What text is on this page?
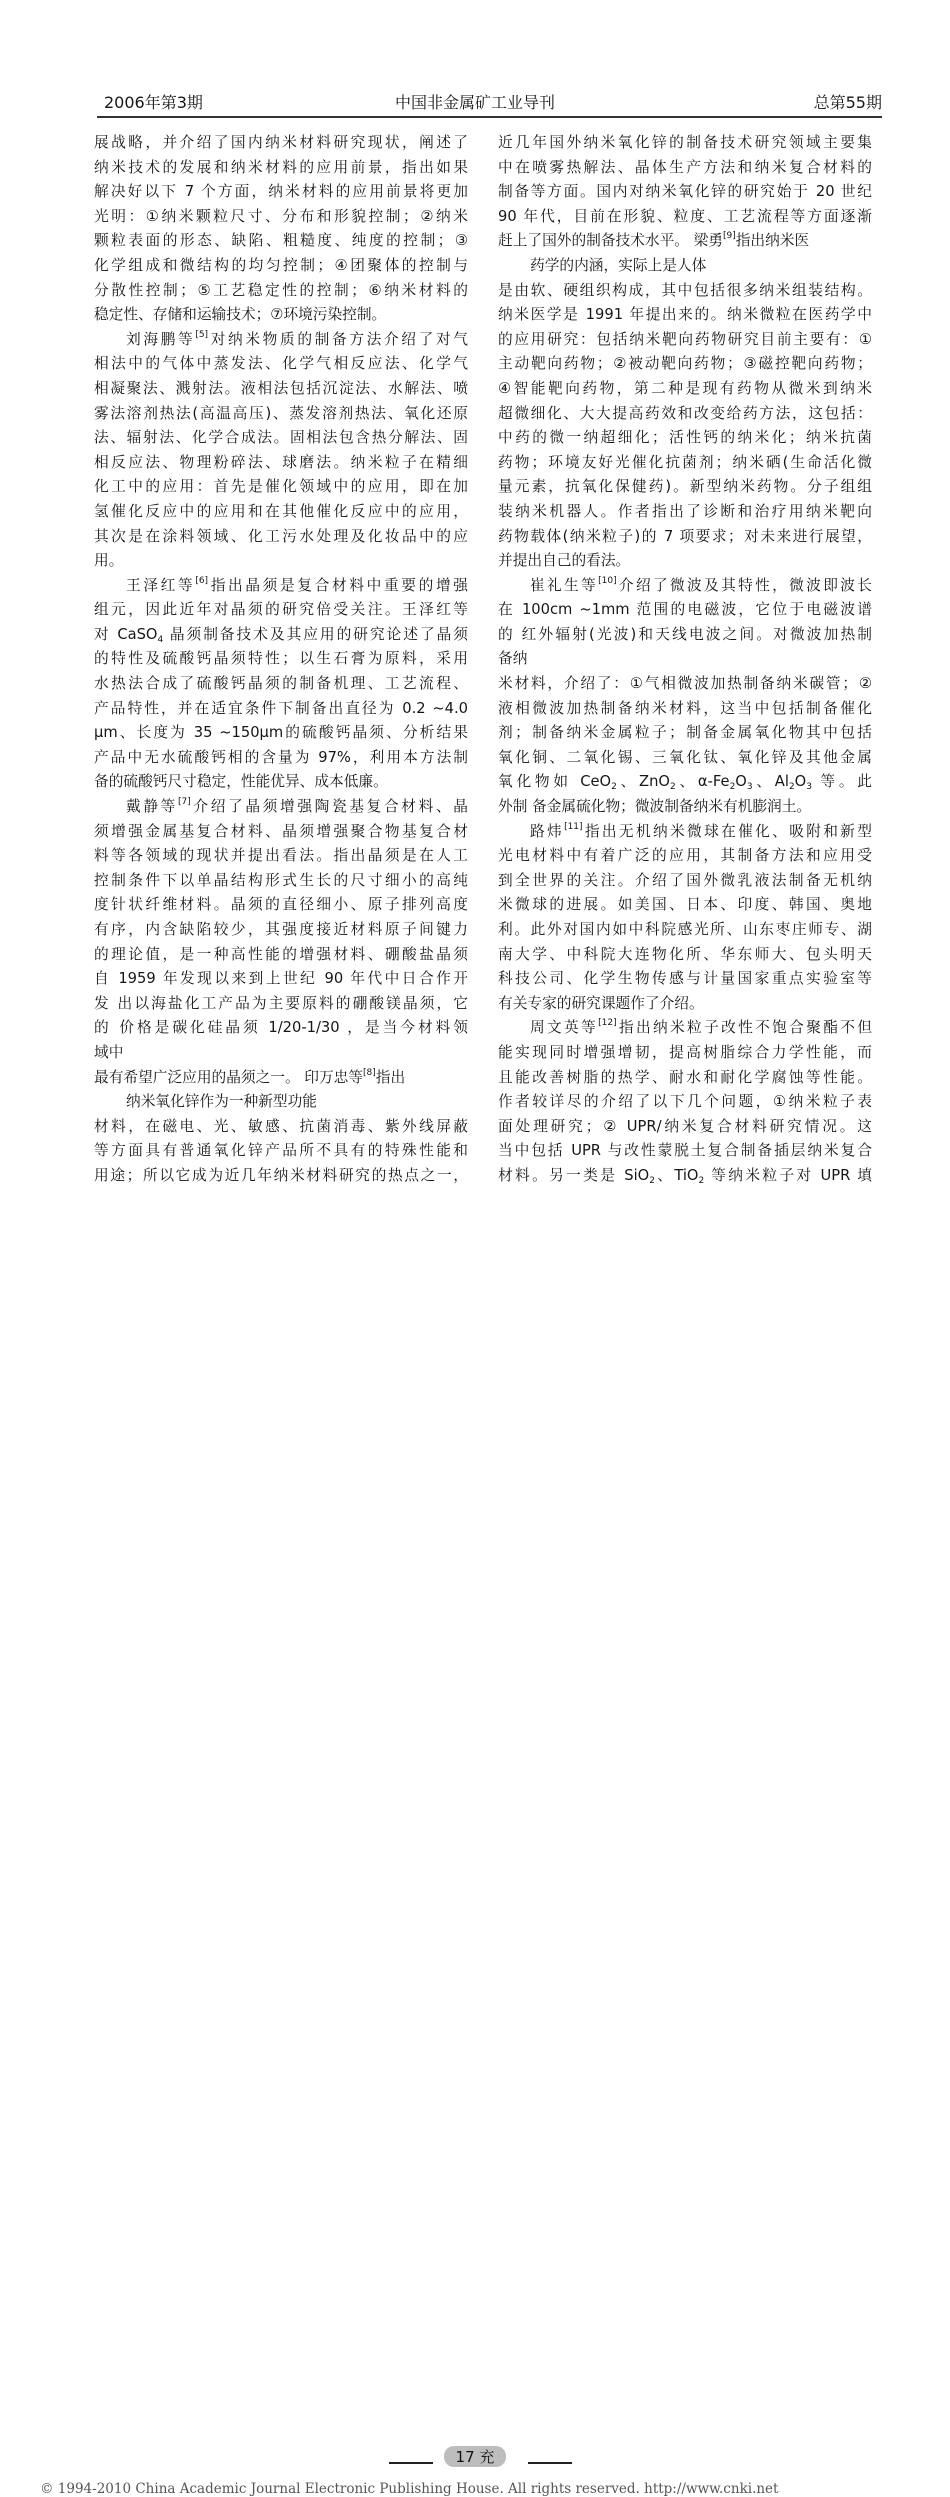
2006年第3期	中国非金属矿工业导刊	总第55期
展战略，并介绍了国内纳米材料研究现状，阐述了
纳米技术的发展和纳米材料的应用前景，指出如果
解决好以下 7 个方面，纳米材料的应用前景将更加
光明：①纳米颗粒尺寸、分布和形貌控制；②纳米
颗粒表面的形态、缺陷、粗糙度、纯度的控制；③
化学组成和微结构的均匀控制；④团聚体的控制与
分散性控制；⑤工艺稳定性的控制；⑥纳米材料的
稳定性、存储和运输技术；⑦环境污染控制。
刘海鹏等[5]对纳米物质的制备方法介绍了对气
相法中的气体中蒸发法、化学气相反应法、化学气
相凝聚法、溅射法。液相法包括沉淀法、水解法、喷
雾法溶剂热法(高温高压)、蒸发溶剂热法、氧化还原
法、辐射法、化学合成法。固相法包含热分解法、固
相反应法、物理粉碎法、球磨法。纳米粒子在精细
化工中的应用：首先是催化领域中的应用，即在加
氢催化反应中的应用和在其他催化反应中的应用，
其次是在涂料领域、化工污水处理及化妆品中的应
用。
王泽红等[6]指出晶须是复合材料中重要的增强
组元，因此近年对晶须的研究倍受关注。王泽红等
对 CaSO$_4$ 晶须制备技术及其应用的研究论述了晶须
的特性及硫酸钙晶须特性；以生石膏为原料，采用
水热法合成了硫酸钙晶须的制备机理、工艺流程、
产品特性，并在适宜条件下制备出直径为 0.2 ~4.0
μm、长度为 35 ~150μm的硫酸钙晶须、分析结果
产品中无水硫酸钙相的含量为 97%，利用本方法制
备的硫酸钙尺寸稳定，性能优异、成本低廉。
戴静等[7]介绍了晶须增强陶瓷基复合材料、晶
须增强金属基复合材料、晶须增强聚合物基复合材
料等各领域的现状并提出看法。指出晶须是在人工
控制条件下以单晶结构形式生长的尺寸细小的高纯
度针状纤维材料。晶须的直径细小、原子排列高度
有序，内含缺陷较少，其强度接近材料原子间键力
的理论值，是一种高性能的增强材料、硼酸盐晶须
自 1959 年发现以来到上世纪 90 年代中日合作开
发 出以海盐化工产品为主要原料的硼酸镁晶须，它
的 价格是碳化硅晶须 1/20-1/30 ，是当今材料领
域中
最有希望广泛应用的晶须之一。 印万忠等[8]指出
纳米氧化锌作为一种新型功能
材料，在磁电、光、敏感、抗菌消毒、紫外线屏蔽
等方面具有普通氧化锌产品所不具有的特殊性能和
用途；所以它成为近几年纳米材料研究的热点之一，
近几年国外纳米氧化锌的制备技术研究领域主要集
中在喷雾热解法、晶体生产方法和纳米复合材料的
制备等方面。国内对纳米氧化锌的研究始于 20 世纪
90 年代，目前在形貌、粒度、工艺流程等方面逐渐
赶上了国外的制备技术水平。 梁勇[9]指出纳米医
药学的内涵，实际上是人体
是由软、硬组织构成，其中包括很多纳米组装结构。
纳米医学是 1991 年提出来的。纳米微粒在医药学中
的应用研究：包括纳米靶向药物研究目前主要有：①
主动靶向药物；②被动靶向药物；③磁控靶向药物；
④智能靶向药物，第二种是现有药物从微米到纳米
超微细化、大大提高药效和改变给药方法，这包括：
中药的微一纳超细化；活性钙的纳米化；纳米抗菌
药物；环境友好光催化抗菌剂；纳米硒(生命活化微
量元素，抗氧化保健药)。新型纳米药物。分子组组
装纳米机器人。作者指出了诊断和治疗用纳米靶向
药物载体(纳米粒子)的 7 项要求；对未来进行展望，
并提出自己的看法。
崔礼生等[10]介绍了微波及其特性，微波即波长
在 100cm ~1mm 范围的电磁波，它位于电磁波谱
的 红外辐射(光波)和天线电波之间。对微波加热制
备纳
米材料，介绍了：①气相微波加热制备纳米碳管；②
液相微波加热制备纳米材料，这当中包括制备催化
剂；制备纳米金属粒子；制备金属氧化物其中包括
氧化铜、二氧化锡、三氧化钛、氧化锌及其他金属
氧化物如 CeO$_2$、ZnO$_2$、$\alpha-Fe_2O_3$、$Al_2O_3$ 等。此
外制 备金属硫化物；微波制备纳米有机膨润土。
路炜[11]指出无机纳米微球在催化、吸附和新型
光电材料中有着广泛的应用，其制备方法和应用受
到全世界的关注。介绍了国外微乳液法制备无机纳
米微球的进展。如美国、日本、印度、韩国、奥地
利。此外对国内如中科院感光所、山东枣庄师专、湖
南大学、中科院大连物化所、华东师大、包头明天
科技公司、化学生物传感与计量国家重点实验室等
有关专家的研究课题作了介绍。
周文英等[12]指出纳米粒子改性不饱合聚酯不但
能实现同时增强增韧，提高树脂综合力学性能，而
且能改善树脂的热学、耐水和耐化学腐蚀等性能。
作者较详尽的介绍了以下几个问题，①纳米粒子表
面处理研究；② UPR/纳米复合材料研究情况。这
当中包括 UPR 与改性蒙脱土复合制备插层纳米复合
材料。另一类是 SiO$_2$、TiO$_2$ 等纳米粒子对 UPR 填
17 充
© 1994-2010 China Academic Journal Electronic Publishing House. All rights reserved. http://www.cnki.net
